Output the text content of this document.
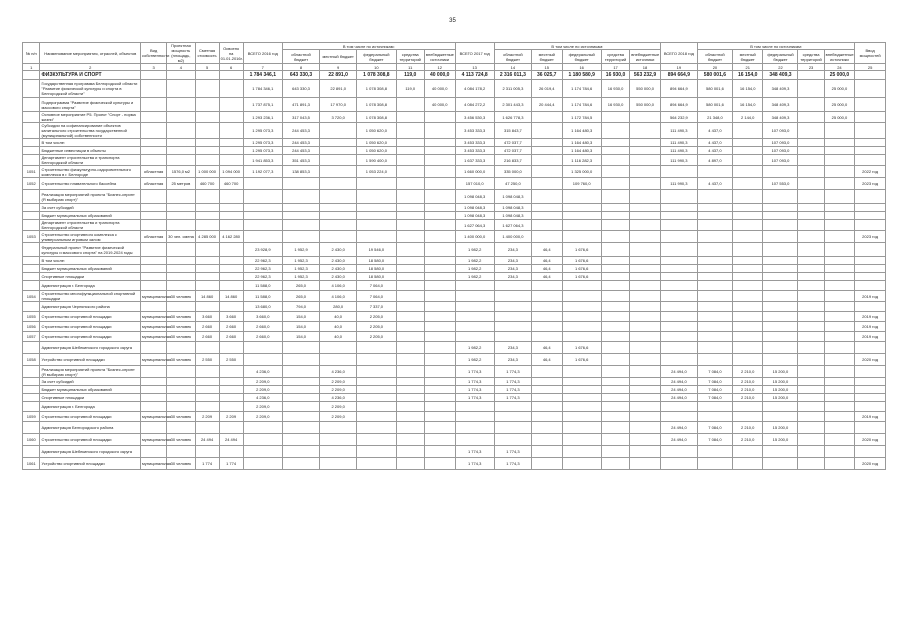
35
№ п/п	Наименование мероприятия, отраслей, объектов	Вид собственности	Проектная мощность (площадь, м2)	Сметная стоимость	Освоено на 01.01.2016г.	ВСЕГО 2016 год	В том числе по источникам:					ВСЕГО 2017 год	В том числе по источникам:					ВСЕГО 2018 год	В том числе по источникам:					Ввод мощностей
							областной бюджет	местный бюджет	федеральный бюджет	средства территорий	внебюджетные источники		областной бюджет	местный бюджет	федеральный бюджет	средства территорий	внебюджетные источники		областной бюджет	местный бюджет	федеральный бюджет	средства территорий	внебюджетные источники	
1	2	3	4	5	6	7	8	9	10	11	12	13	14	15	16	17	18	19	20	21	22	23	24	25
	ФИЗКУЛЬТУРА И СПОРТ					1 784 346,1	643 330,3	22 891,0	1 078 308,8	119,0	40 000,0	4 113 724,8	2 316 011,3	36 025,7	1 180 580,9	16 930,0	563 232,9	894 664,9	580 001,6	16 154,0	348 409,3		25 000,0	
	Государственная программа Белгородской области "Развитие физической культуры и спорта в Белгородской области"					1 784 346,1	643 330,3	22 891,0	1 078 308,8	119,0	40 000,0	4 084 178,2	2 311 005,3	26 019,4	1 174 784,6	16 930,0	550 000,0	894 664,9	580 001,6	16 154,0	348 409,3		25 000,0	
	Подпрограмма "Развитие физической культуры и массового спорта"					1 737 875,1	471 891,3	17 970,0	1 078 308,8		40 000,0	4 084 272,2	2 301 443,3	20 444,4	1 174 784,6	16 930,0	550 000,0	894 664,9	580 001,6	16 154,0	348 409,3		25 000,0	
	Основное мероприятие Р5. Проект "Спорт - норма жизни"					1 293 236,1	317 043,5	3 720,0	1 078 308,8			3 456 530,3	1 626 778,3		1 172 784,5			564 232,9	21 348,0	2 144,0	348 409,3		25 000,0	
	Субсидии на софинансирование объектов капитального строительства государственной (муниципальной) собственности					1 295 073,3	244 453,3		1 050 620,0			3 453 333,3	315 843,7		1 164 480,3			111 490,3	4 437,0		107 093,0			
	В том числе:					1 295 073,3	244 453,3		1 050 620,0			3 453 333,3	472 037,7		1 164 480,3			111 490,3	4 437,0		107 093,0			
	Бюджетные инвестиции в объекты					1 295 073,3	244 453,3		1 050 620,0			3 453 333,3	472 037,7		1 164 480,3			111 490,3	4 437,0		107 093,0			
	Департамент строительства и транспорта Белгородской области					1 941 853,3	351 453,3		1 590 400,0			1 637 333,3	216 833,7		1 116 282,3			111 990,3	4 897,0		107 093,0			
1051	Строительство физкультурно-оздоровительного комплекса в г. Белгороде	областная	1576,0 м2	1 000 000	1 094 000	1 192 077,3	138 853,3		1 053 224,0			1 660 000,0	335 000,0		1 325 000,0									2022 год
1052	Строительство плавательного бассейна	областная	25 метров	460 700	460 700							157 010,0	47 250,0		109 760,0			111 990,3	4 437,0		107 553,0			2023 год
	Реализация мероприятий проекта "Бизнес-спринт (Я выбираю спорт)"											1 098 048,3	1 098 048,3											
	За счет субсидий											1 098 048,3	1 098 048,3											
	Бюджет муниципальных образований											1 098 048,3	1 098 048,3											
	Департамент строительства и транспорта Белгородской области											1 627 064,3	1 627 064,3											
1053	Строительство спортивного комплекса с универсальным игровым залом	областная	30 чел. смена	4 285 000	4 162 280							1 400 000,0	1 400 000,0											2023 год
	Федеральный проект "Развитие физической культуры и массового спорта" на 2019-2024 годы					23 928,9	1 952,9	2 430,0	19 546,0			1 982,2	234,3	46,4	1 676,6									
	В том числе:					22 962,3	1 952,3	2 430,0	18 580,0			1 982,2	234,3	46,4	1 676,6									
	Бюджет муниципальных образований					22 962,3	1 952,3	2 430,0	18 580,0			1 982,2	234,3	46,4	1 676,6									
	Спортивные площадки					22 962,3	1 952,3	2 430,0	18 580,0			1 982,2	234,3	46,4	1 676,6									
	Администрация г. Белгорода					11 588,0	265,0	4 106,0	7 064,0															
1054	Строительство многофункциональной спортивной площадки	муниципальная	30 человек	14 860	14 860	11 588,0	265,0	4 106,0	7 064,0															2019 год
	Администрация Чернянского района					13 680,0	794,0	280,0	7 337,0															
1055	Строительство спортивной площадки	муниципальная	30 человек	3 660	3 660	3 660,0	154,0	40,0	2 205,0															2019 год
1056	Строительство спортивной площадки	муниципальная	30 человек	2 660	2 660	2 660,0	154,0	40,0	2 205,0															2019 год
1057	Строительство спортивной площадки	муниципальная	30 человек	2 660	2 660	2 660,0	154,0	40,0	2 205,0															2019 год
	Администрация Шебекинского городского округа											1 982,2	234,3	46,4	1 676,6									
1058	Устройство спортивной площадки	муниципальная	30 человек	2 550	2 550							1 982,2	234,3	46,4	1 676,6									2020 год
	Реализация мероприятий проекта "Бизнес-спринт (Я выбираю спорт)"					4 236,0		4 236,0				1 774,3	1 774,3					24 494,0	7 084,0	2 210,0	15 200,0			
	За счет субсидий					2 209,0		2 209,0				1 774,3	1 774,3					24 494,0	7 084,0	2 210,0	15 200,0			
	Бюджет муниципальных образований					2 209,0		2 209,0				1 774,3	1 774,3					24 494,0	7 084,0	2 210,0	15 200,0			
	Спортивные площадки					4 236,0		4 236,0				1 774,3	1 774,3					24 494,0	7 084,0	2 210,0	15 200,0			
	Администрация г. Белгорода					2 209,0		2 209,0																
1059	Строительство спортивной площадки	муниципальная	30 человек	2 209	2 209	2 209,0		2 209,0																2019 год
	Администрация Белгородского района																	24 494,0	7 084,0	2 210,0	15 200,0			
1060	Строительство спортивной площадки	муниципальная	30 человек	24 494	24 494													24 494,0	7 084,0	2 210,0	15 200,0			2020 год
	Администрация Шебекинского городского округа											1 774,3	1 774,3											
1061	Устройство спортивной площадки	муниципальная	30 человек	1 774	1 774							1 774,3	1 774,3											2020 год
